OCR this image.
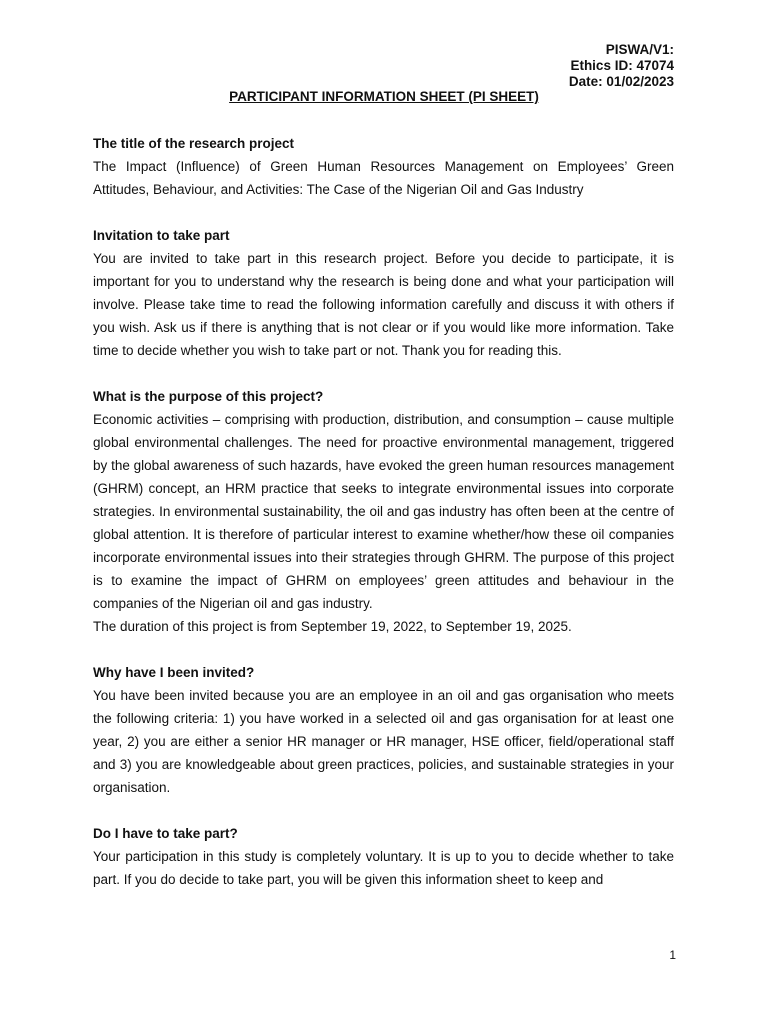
PISWA/V1:
Ethics ID: 47074
Date: 01/02/2023
PARTICIPANT INFORMATION SHEET (PI SHEET)

The title of the research project

The Impact (Influence) of Green Human Resources Management on Employees’ Green Attitudes, Behaviour, and Activities: The Case of the Nigerian Oil and Gas Industry

Invitation to take part

You are invited to take part in this research project. Before you decide to participate, it is important for you to understand why the research is being done and what your participation will involve. Please take time to read the following information carefully and discuss it with others if you wish. Ask us if there is anything that is not clear or if you would like more information. Take time to decide whether you wish to take part or not. Thank you for reading this.

What is the purpose of this project?

Economic activities – comprising with production, distribution, and consumption – cause multiple global environmental challenges. The need for proactive environmental management, triggered by the global awareness of such hazards, have evoked the green human resources management (GHRM) concept, an HRM practice that seeks to integrate environmental issues into corporate strategies. In environmental sustainability, the oil and gas industry has often been at the centre of global attention. It is therefore of particular interest to examine whether/how these oil companies incorporate environmental issues into their strategies through GHRM. The purpose of this project is to examine the impact of GHRM on employees’ green attitudes and behaviour in the companies of the Nigerian oil and gas industry.

The duration of this project is from September 19, 2022, to September 19, 2025.

Why have I been invited?

You have been invited because you are an employee in an oil and gas organisation who meets the following criteria: 1) you have worked in a selected oil and gas organisation for at least one year, 2) you are either a senior HR manager or HR manager, HSE officer, field/operational staff and 3) you are knowledgeable about green practices, policies, and sustainable strategies in your organisation.

Do I have to take part?

Your participation in this study is completely voluntary. It is up to you to decide whether to take part. If you do decide to take part, you will be given this information sheet to keep and

1
